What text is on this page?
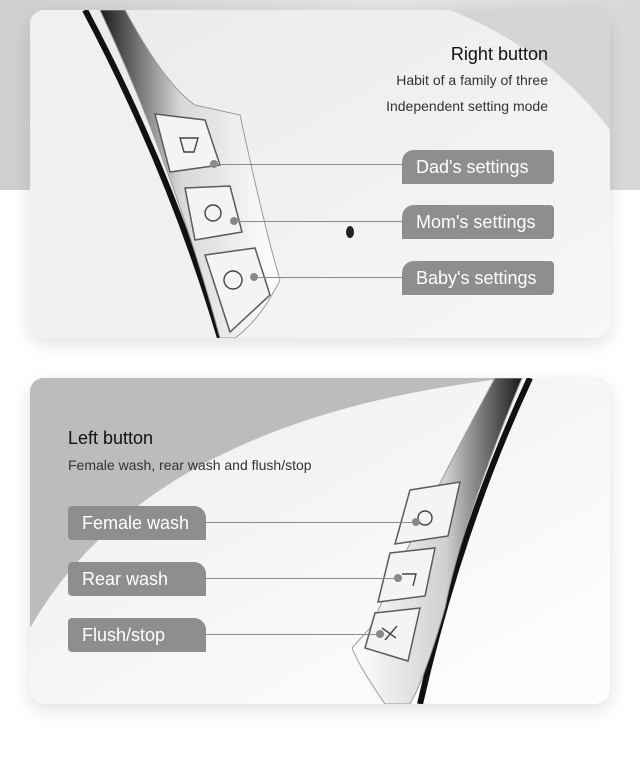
Right button
Habit of a family of three
Independent setting mode
Dad's settings
Mom's settings
Baby's settings
Left button
Female wash, rear wash and flush/stop
Female wash
Rear wash
Flush/stop
